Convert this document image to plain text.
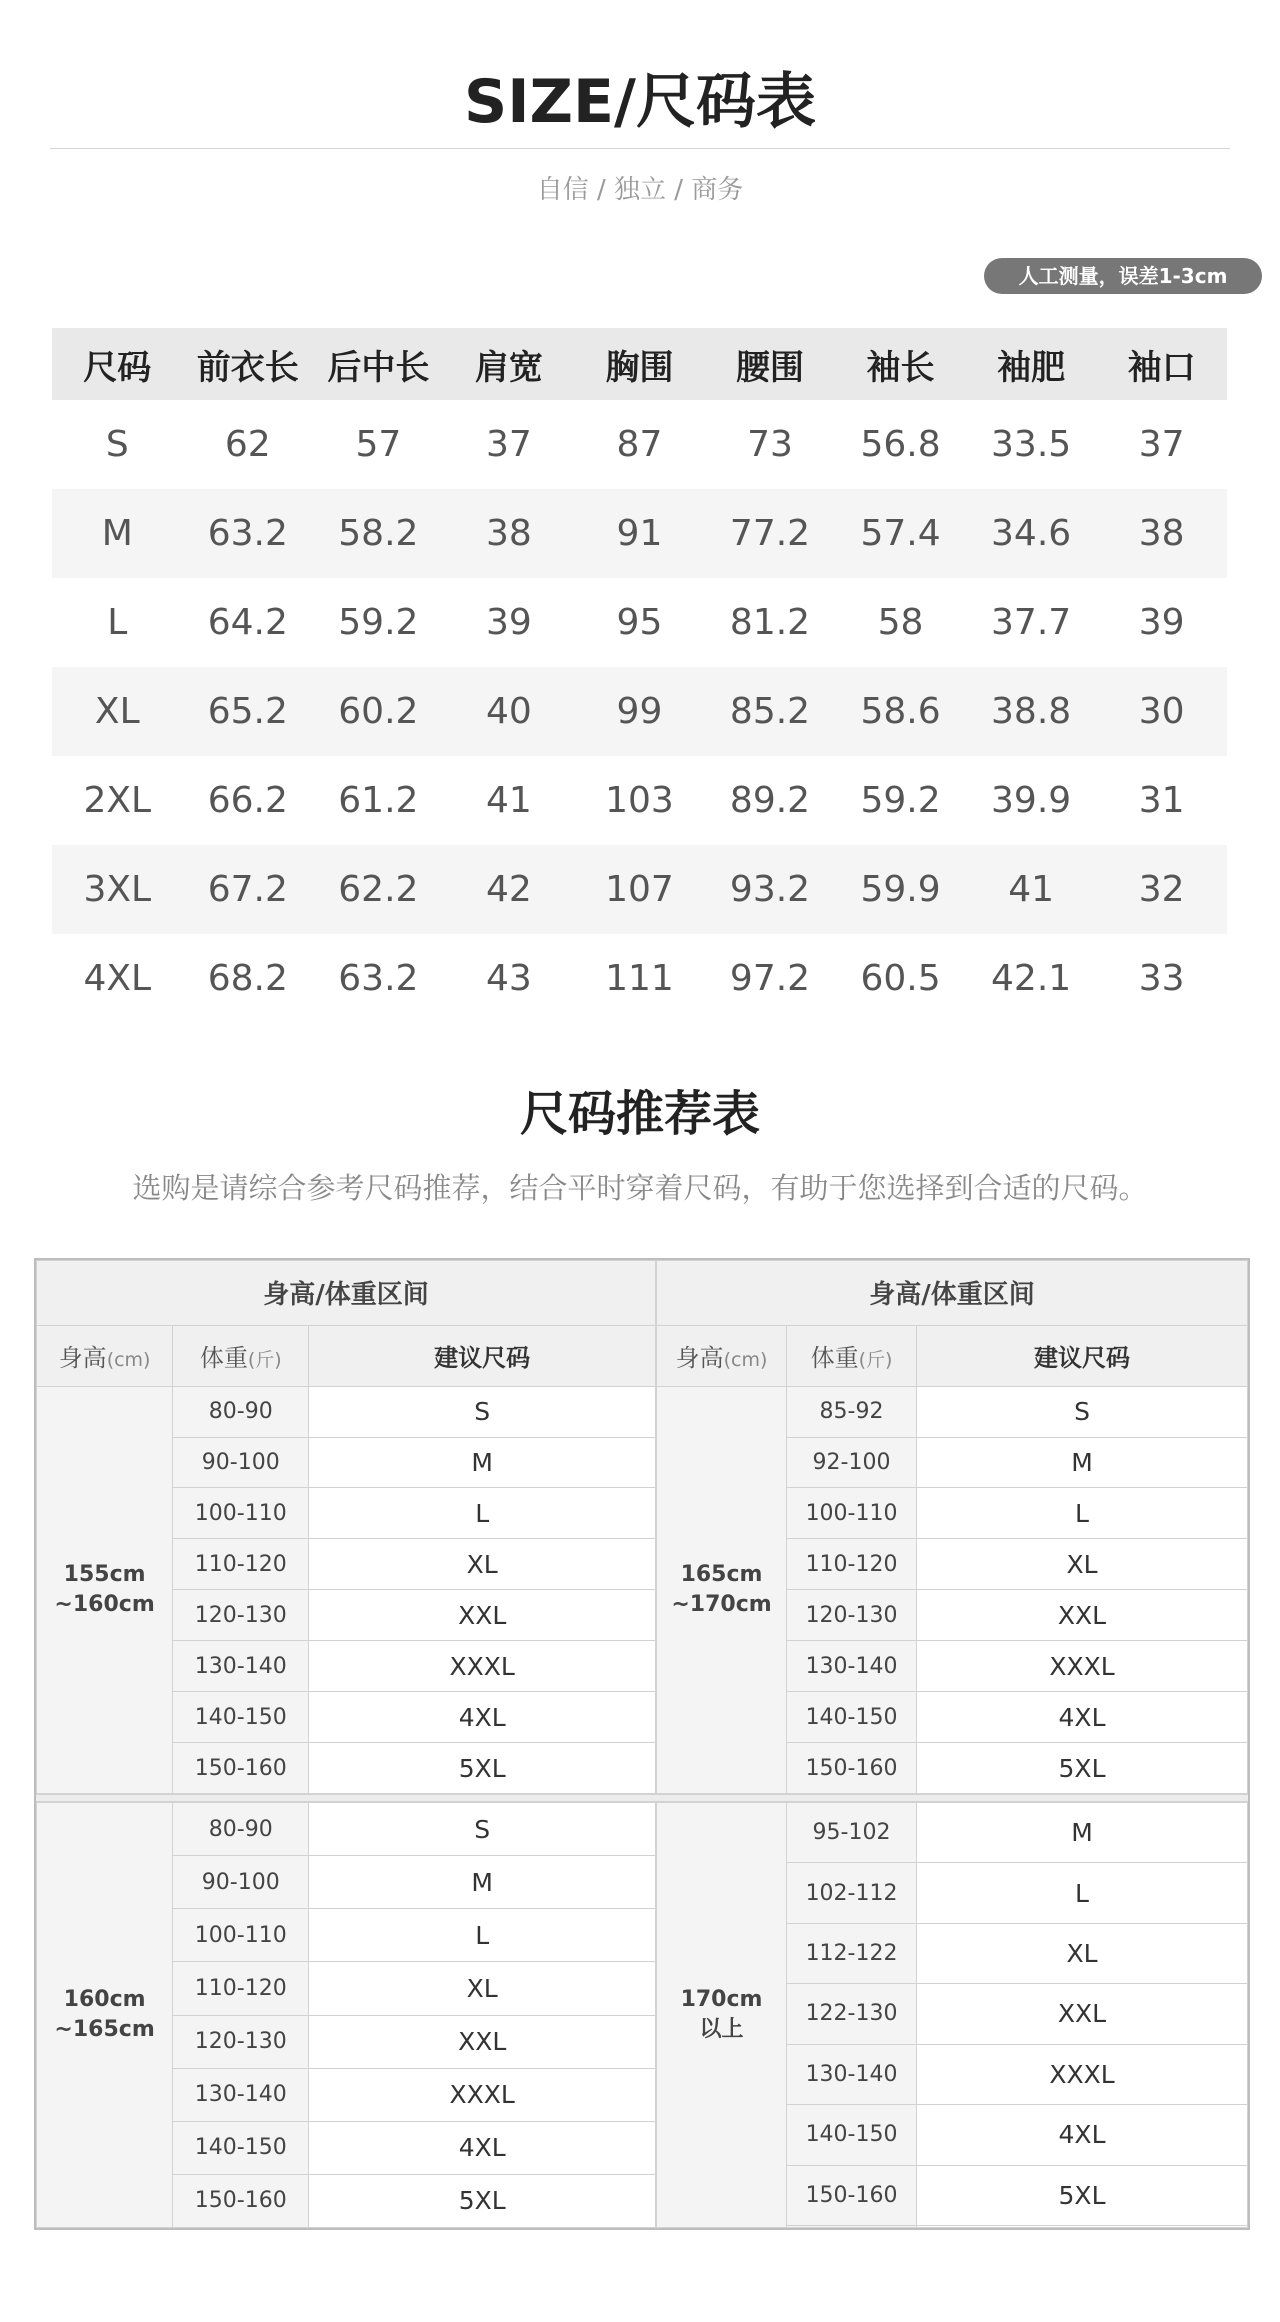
SIZE/尺码表
自信 / 独立 / 商务
人工测量，误差1-3cm
尺码	前衣长	后中长	肩宽	胸围	腰围	袖长	袖肥	袖口
S	62	57	37	87	73	56.8	33.5	37
M	63.2	58.2	38	91	77.2	57.4	34.6	38
L	64.2	59.2	39	95	81.2	58	37.7	39
XL	65.2	60.2	40	99	85.2	58.6	38.8	30
2XL	66.2	61.2	41	103	89.2	59.2	39.9	31
3XL	67.2	62.2	42	107	93.2	59.9	41	32
4XL	68.2	63.2	43	111	97.2	60.5	42.1	33
尺码推荐表
选购是请综合参考尺码推荐，结合平时穿着尺码，有助于您选择到合适的尺码。
身高/体重区间		
身高(cm)	体重(斤)	建议尺码

155cm
~160cm	80-90	S
	90-100	M
	100-110	L
	110-120	XL
	120-130	XXL
	130-140	XXXL
	140-150	4XL
	150-160	5XL
身高/体重区间		
身高(cm)	体重(斤)	建议尺码

165cm
~170cm	85-92	S
	92-100	M
	100-110	L
	110-120	XL
	120-130	XXL
	130-140	XXXL
	140-150	4XL
	150-160	5XL
160cm
~165cm	80-90	S
	90-100	M
	100-110	L
	110-120	XL
	120-130	XXL
	130-140	XXXL
	140-150	4XL
	150-160	5XL
170cm
以上	95-102	M
	102-112	L
	112-122	XL
	122-130	XXL
	130-140	XXXL
	140-150	4XL
	150-160	5XL
